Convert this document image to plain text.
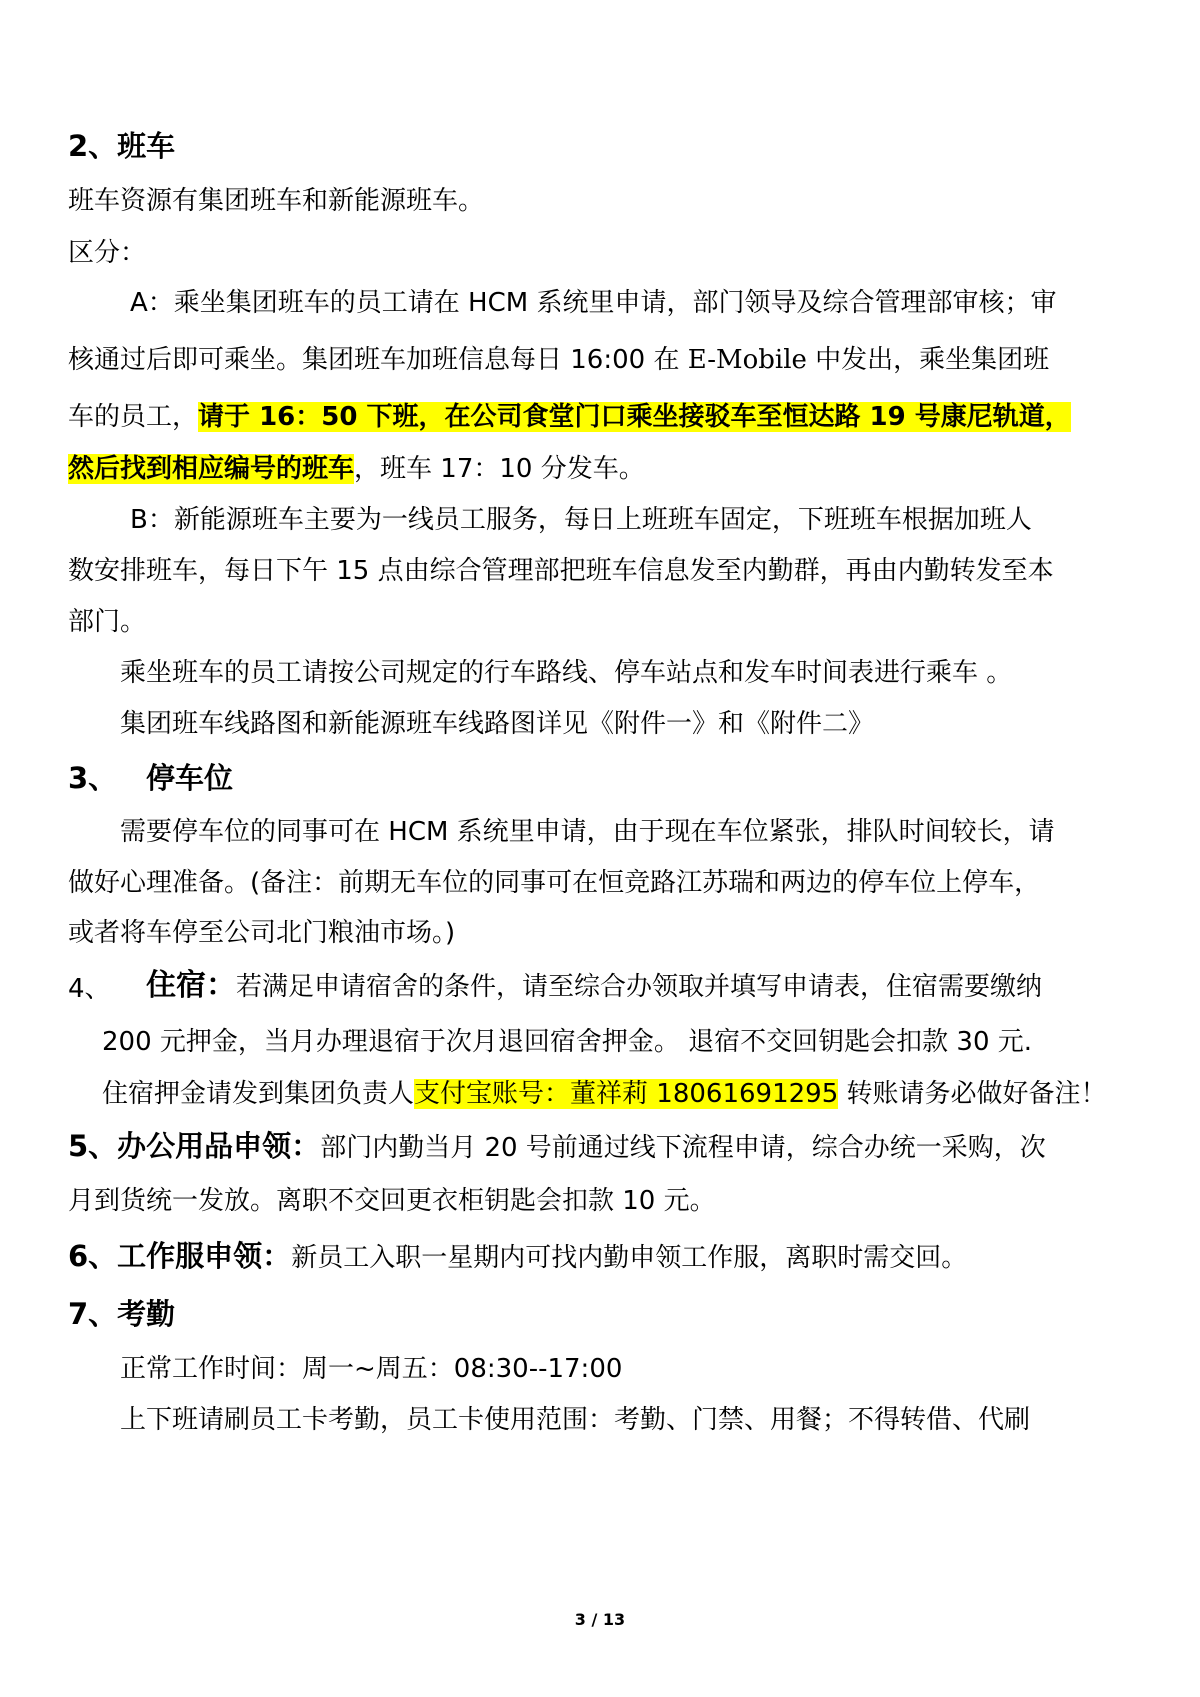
2、班车
班车资源有集团班车和新能源班车。
区分：
A：乘坐集团班车的员工请在 HCM 系统里申请，部门领导及综合管理部审核；审
核通过后即可乘坐。集团班车加班信息每日 16:00 在 E-Mobile 中发出，乘坐集团班
车的员工，请于 16：50 下班，在公司食堂门口乘坐接驳车至恒达路 19 号康尼轨道，
然后找到相应编号的班车，班车 17：10 分发车。
B：新能源班车主要为一线员工服务，每日上班班车固定，下班班车根据加班人
数安排班车，每日下午 15 点由综合管理部把班车信息发至内勤群，再由内勤转发至本
部门。
乘坐班车的员工请按公司规定的行车路线、停车站点和发车时间表进行乘车 。
集团班车线路图和新能源班车线路图详见《附件一》和《附件二》
3、 停车位
需要停车位的同事可在 HCM 系统里申请，由于现在车位紧张，排队时间较长，请
做好心理准备。(备注：前期无车位的同事可在恒竞路江苏瑞和两边的停车位上停车，
或者将车停至公司北门粮油市场。)
4、 住宿：若满足申请宿舍的条件，请至综合办领取并填写申请表，住宿需要缴纳
200 元押金，当月办理退宿于次月退回宿舍押金。 退宿不交回钥匙会扣款 30 元.
住宿押金请发到集团负责人支付宝账号：董祥莉 18061691295 转账请务必做好备注！
5、办公用品申领：部门内勤当月 20 号前通过线下流程申请，综合办统一采购，次
月到货统一发放。离职不交回更衣柜钥匙会扣款 10 元。
6、工作服申领：新员工入职一星期内可找内勤申领工作服，离职时需交回。
7、考勤
正常工作时间：周一~周五：08:30--17:00
上下班请刷员工卡考勤，员工卡使用范围：考勤、门禁、用餐；不得转借、代刷
3 / 13
